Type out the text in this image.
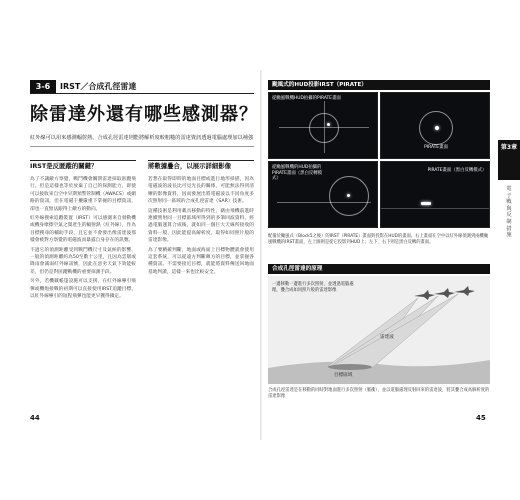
3-6	IRST／合成孔徑雷達
除雷達外還有哪些感測器？
紅外線可以用來感測輻射熱，合成孔徑雷達則能將解析度較粗糙的雷達資訊透過電腦處理加以補強
IRST是反匿蹤的關鍵？

為了不讓敵方察覺，戰鬥機會關閉雷達採取匿蹤飛行。但是這樣也等於放棄了自己的探測能力，即使可以接收來自空中早期預警管制機（AWACS）或網路的資訊，但在電磁干擾嚴重下掌握的目標資訊，卻也一直無法跟得上敵方的動向。

紅外線搜索追蹤裝置（IRST）可以感測來自發動機或機身摩擦空氣之間產生的輻射熱（紅外線），作為目標搜尋的輔助手段，且它並不會發出像雷達波那樣會被對方察覺的電磁波而暴露自身存在的訊號。

不過它的偵測距離受到戰鬥機尺寸及氣候的影響，一般的偵測距離約為50至數十公里，且因為雲層或降雨會減弱紅外線訊號，因此在惡劣天氣下效能較差，但仍是對匿蹤戰機的重要探測手段。

另外，若機載帳篷設施可以支援，在紅外線導引飛彈或機炮接戰的初期可以直接使用IRST追蹤目標，以紅外線導引的短程飛彈也能更早獲得鎖定。

將數據疊合，以展示詳細影像

若想在取得即時的地面目標或進行地形掃描，因為電磁波的波長比可見光長的關係，可能無法得到清晰的影像資料，因而發展出將電磁波以不同角度多次照射同一區域的合成孔徑雷達（SAR）技術。

這種技術是利用載具移動的特性，藉由飛機前進時連續照射同一目標區域所得到的多筆回波資料，經過電腦運算合成後，就如同一個巨大天線所接收的資料一般，因此能提高解析度，取得如同照片般的雷達影像。

為了要精確判斷，地面或海面上目標物體就會使用這套系統，可以從遠方判斷敵方的目標，並掌握各種資訊。不需要接近目標，就能將資料傳送回地面基地判讀，這樣一來也比較安全。

44
颱風式的HUD投影IRST（PIRATE）
從颱風戰機HUD拍攝的PIRATE畫面
PIRATE畫面
從颱風戰機的HUD拍攝的PIRATE畫面（黑白反轉模式）
PIRATE畫面（黑白反轉模式）
配備於颱風式（Block5之後）的IRST（PIRATE）畫面與投影在HUD的畫面。右上畫面在空中以紅外線偵測到兩機颱風戰機的IRST畫面，左上圖則是從它投影到HUD上；左下、右下則是黑白反轉的畫面。
合成孔徑雷達的原理
一邊移動一邊進行多次照射，並透過電腦處理，疊合成如同照片般的雷達影像
雷達波
目標區域
合成孔徑雷達是在移動的同時對地面進行多次照射（脈衝），並以電腦處理反射回來的雷達波，將其疊合成高解析度的雷達影像
45
第3章
電子戰與反制措施
